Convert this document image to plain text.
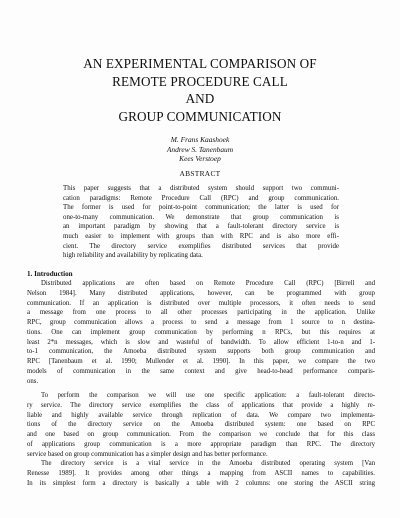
AN EXPERIMENTAL COMPARISON OF
REMOTE PROCEDURE CALL
AND
GROUP COMMUNICATION
M. Frans Kaashoek
Andrew S. Tanenbaum
Kees Verstoep
ABSTRACT
This paper suggests that a distributed system should support two communi-
cation paradigms: Remote Procedure Call (RPC) and group communication.
The former is used for point-to-point communication; the latter is used for
one-to-many communication. We demonstrate that group communication is
an important paradigm by showing that a fault-tolerant directory service is
much easier to implement with groups than with RPC and is also more effi-
cient. The directory service exemplifies distributed services that provide
high reliability and availability by replicating data.
1. Introduction
Distributed applications are often based on Remote Procedure Call (RPC) [Birrell and
Nelson 1984]. Many distributed applications, however, can be programmed with group
communication. If an application is distributed over multiple processors, it often needs to send
a message from one process to all other processes participating in the application. Unlike
RPC, group communication allows a process to send a message from 1 source to n destina-
tions. One can implement group communication by performing n RPCs, but this requires at
least 2*n messages, which is slow and wasteful of bandwidth. To allow efficient 1-to-n and 1-
to-1 communication, the Amoeba distributed system supports both group communication and
RPC [Tanenbaum et al. 1990; Mullender et al. 1990]. In this paper, we compare the two
models of communication in the same context and give head-to-head performance comparis-
ons.
To perform the comparison we will use one specific application: a fault-tolerant directo-
ry service. The directory service exemplifies the class of applications that provide a highly re-
liable and highly available service through replication of data. We compare two implementa-
tions of the directory service on the Amoeba distributed system: one based on RPC
and one based on group communication. From the comparison we conclude that for this class
of applications group communication is a more appropriate paradigm than RPC. The directory
service based on group communication has a simpler design and has better performance.
The directory service is a vital service in the Amoeba distributed operating system [Van
Renesse 1989]. It provides among other things a mapping from ASCII names to capabilities.
In its simplest form a directory is basically a table with 2 columns: one storing the ASCII string
